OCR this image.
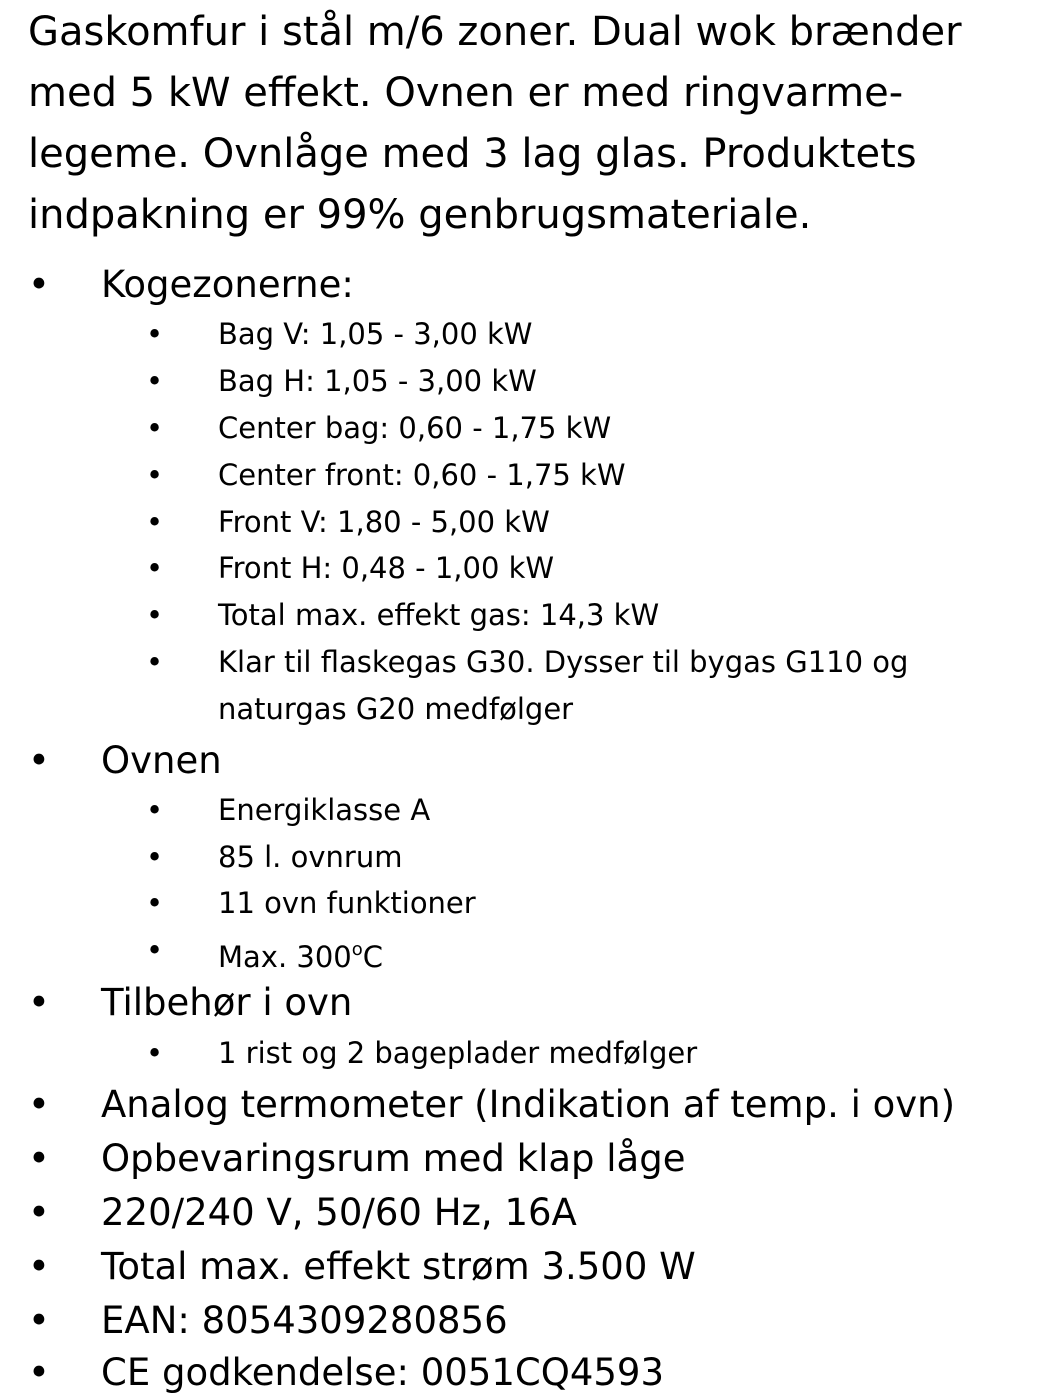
Gaskomfur i stål m/6 zoner. Dual wok brænder med 5 kW effekt. Ovnen er med ringvarme-legeme. Ovnlåge med 3 lag glas. Produktets indpakning er 99% genbrugsmateriale.

• Kogezonerne:
• Bag V: 1,05 - 3,00 kW
• Bag H: 1,05 - 3,00 kW
• Center bag: 0,60 - 1,75 kW
• Center front: 0,60 - 1,75 kW
• Front V: 1,80 - 5,00 kW
• Front H: 0,48 - 1,00 kW
• Total max. effekt gas: 14,3 kW
• Klar til flaskegas G30. Dysser til bygas G110 og
naturgas G20 medfølger
• Ovnen
• Energiklasse A
• 85 l. ovnrum
• 11 ovn funktioner
• Max. 300$^o$C
• Tilbehør i ovn
• 1 rist og 2 bageplader medfølger
• Analog termometer (Indikation af temp. i ovn)
• Opbevaringsrum med klap låge
• 220/240 V, 50/60 Hz, 16A
• Total max. effekt strøm 3.500 W
• EAN: 8054309280856
• CE godkendelse: 0051CQ4593
